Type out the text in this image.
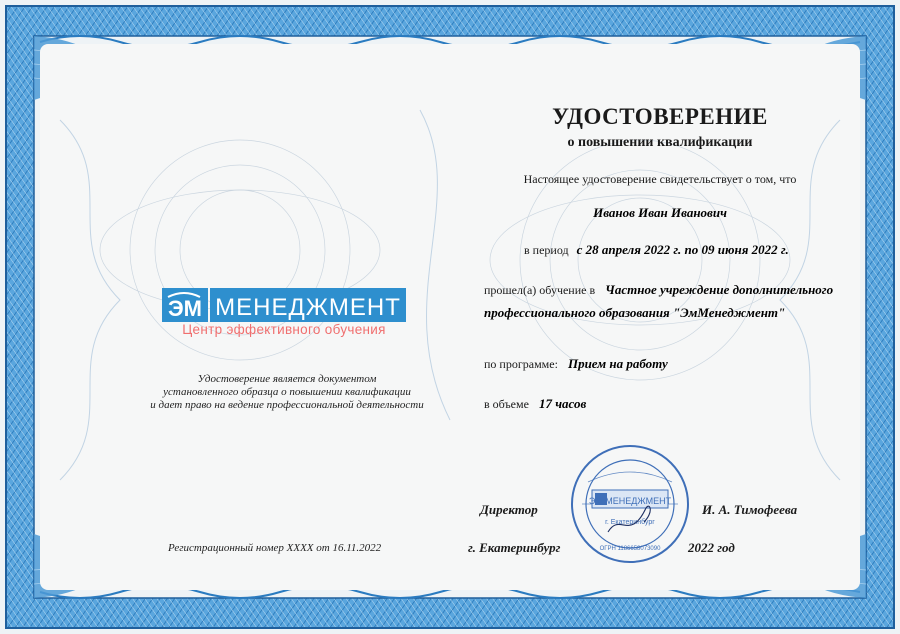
УДОСТОВЕРЕНИЕ
о повышении квалификации
Настоящее удостоверение свидетельствует о том, что
Иванов Иван Иванович
в период с 28 апреля 2022 г. по 09 июня 2022 г.
прошел(а) обучение в Частное учреждение дополнительного
профессионального образования "ЭмМенеджмент"
по программе: Прием на работу
в объеме 17 часов
Директор	И. А. Тимофеева
г. Екатеринбург	2022 год
ЭМ МЕНЕДЖМЕНТ
г. Екатеринбург
ОГРН 1186658073090
ЭМ МЕНЕДЖМЕНТ
Центр эффективного обучения
Удостоверение является документом
установленного образца о повышении квалификации
и дает право на ведение профессиональной деятельности
Регистрационный номер ХХХХ от 16.11.2022
